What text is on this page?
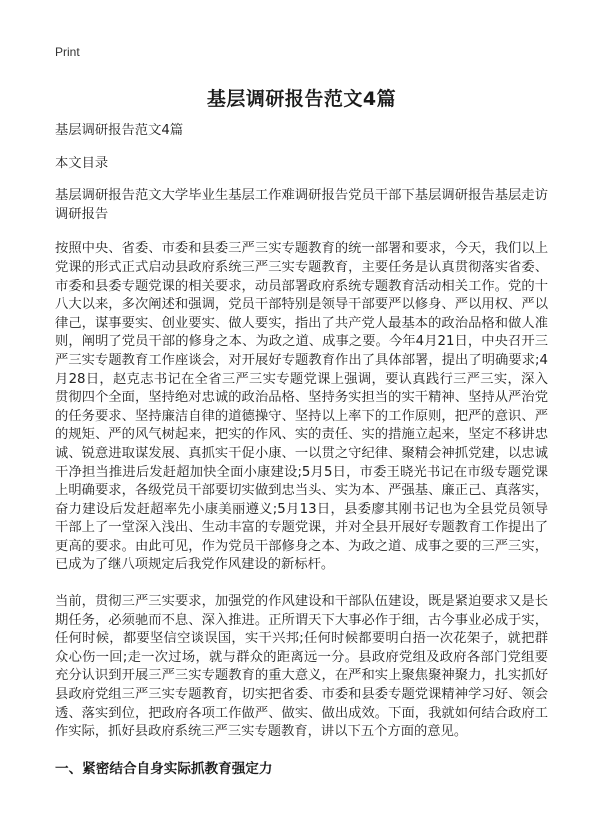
Print
基层调研报告范文4篇

基层调研报告范文4篇

本文目录

基层调研报告范文大学毕业生基层工作难调研报告党员干部下基层调研报告基层走访调研报告

按照中央、省委、市委和县委三严三实专题教育的统一部署和要求，今天，我们以上党课的形式正式启动县政府系统三严三实专题教育，主要任务是认真贯彻落实省委、市委和县委专题党课的相关要求，动员部署政府系统专题教育活动相关工作。党的十八大以来，多次阐述和强调，党员干部特别是领导干部要严以修身、严以用权、严以律己，谋事要实、创业要实、做人要实，指出了共产党人最基本的政治品格和做人准则，阐明了党员干部的修身之本、为政之道、成事之要。今年4月21日，中央召开三严三实专题教育工作座谈会，对开展好专题教育作出了具体部署，提出了明确要求;4月28日，赵克志书记在全省三严三实专题党课上强调，要认真践行三严三实，深入贯彻四个全面，坚持绝对忠诚的政治品格、坚持务实担当的实干精神、坚持从严治党的任务要求、坚持廉洁自律的道德操守、坚持以上率下的工作原则，把严的意识、严的规矩、严的风气树起来，把实的作风、实的责任、实的措施立起来，坚定不移讲忠诚、锐意进取谋发展、真抓实干促小康、一以贯之守纪律、聚精会神抓党建，以忠诚干净担当推进后发赶超加快全面小康建设;5月5日，市委王晓光书记在市级专题党课上明确要求，各级党员干部要切实做到忠当头、实为本、严强基、廉正己、真落实，奋力建设后发赶超率先小康美丽遵义;5月13日，县委廖其刚书记也为全县党员领导干部上了一堂深入浅出、生动丰富的专题党课，并对全县开展好专题教育工作提出了更高的要求。由此可见，作为党员干部修身之本、为政之道、成事之要的三严三实，已成为了继八项规定后我党作风建设的新标杆。

当前，贯彻三严三实要求，加强党的作风建设和干部队伍建设，既是紧迫要求又是长期任务，必须驰而不息、深入推进。正所谓天下大事必作于细，古今事业必成于实，任何时候，都要坚信空谈误国，实干兴邦;任何时候都要明白捂一次花架子，就把群众心伤一回;走一次过场，就与群众的距离远一分。县政府党组及政府各部门党组要充分认识到开展三严三实专题教育的重大意义，在严和实上聚焦聚神聚力，扎实抓好县政府党组三严三实专题教育，切实把省委、市委和县委专题党课精神学习好、领会透、落实到位，把政府各项工作做严、做实、做出成效。下面，我就如何结合政府工作实际，抓好县政府系统三严三实专题教育，讲以下五个方面的意见。

一、紧密结合自身实际抓教育强定力
